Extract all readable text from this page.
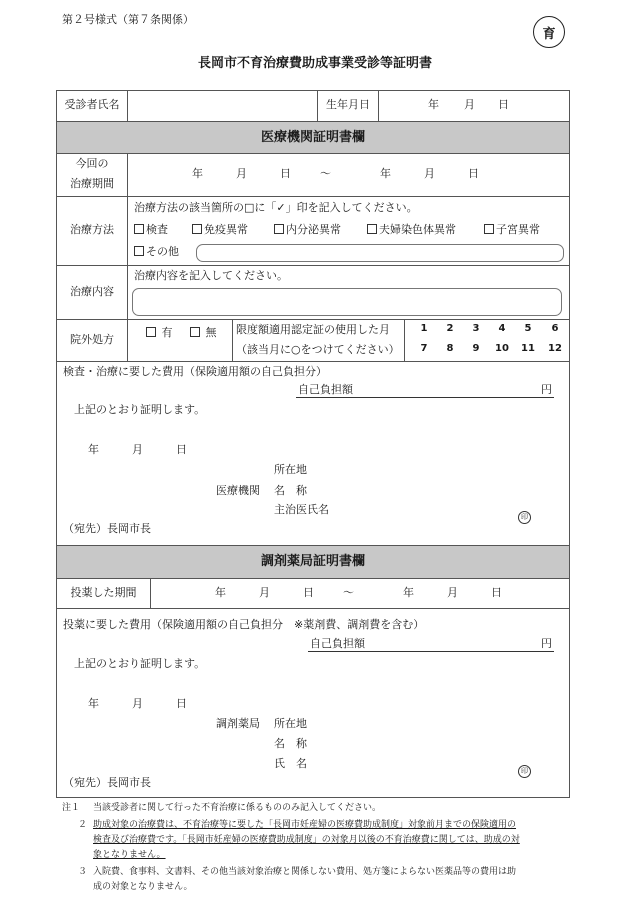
第２号様式（第７条関係）
育
長岡市不育治療費助成事業受診等証明書
受診者氏名	生年月日	年 月 日
医療機関証明書欄
今回の
治療期間
年　　　月　　　日	～	年　　　月　　　日
治療方法
治療方法の該当箇所の□に「✓」印を記入してください。
検査	免疫異常	内分泌異常	夫婦染色体異常	子宮異常
その他
治療内容
治療内容を記入してください。
院外処方
有	無 限度額適用認定証の使用した月
（該当月に○をつけてください）
1	2	3	4	5	6
7	8	9	10	11	12
検査・治療に要した費用（保険適用額の自己負担分）
自己負担額	円
上記のとおり証明します。
年　　　月　　　日
所在地
医療機関 名　称
主治医氏名
印
（宛先）長岡市長
調剤薬局証明書欄
投薬した期間	年　　　月　　　日	～	年　　　月　　　日
投薬に要した費用（保険適用額の自己負担分　※薬剤費、調剤費を含む）
自己負担額	円
上記のとおり証明します。
年　　　月　　　日
調剤薬局 所在地
名　称
氏　名
印
（宛先）長岡市長
注１ 当該受診者に関して行った不育治療に係るもののみ記入してください。
２ 助成対象の治療費は、不育治療等に要した「長岡市妊産婦の医療費助成制度」対象前月までの保険適用の
検査及び治療費です。「長岡市妊産婦の医療費助成制度」の対象月以後の不育治療費に関しては、助成の対
象となりません。
３ 入院費、食事料、文書料、その他当該対象治療と関係しない費用、処方箋によらない医薬品等の費用は助
成の対象となりません。
